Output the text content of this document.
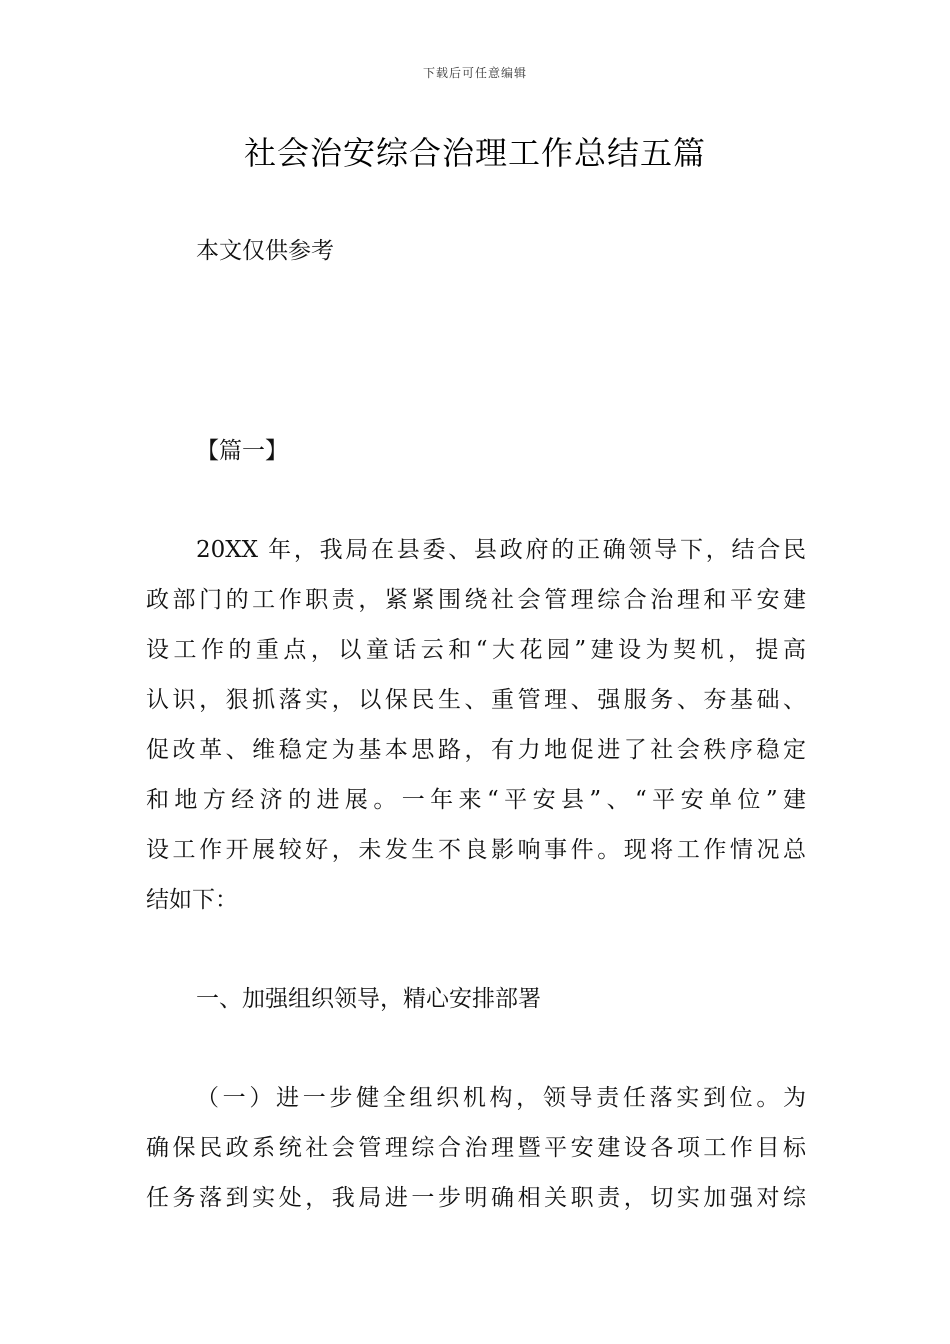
下载后可任意编辑
社会治安综合治理工作总结五篇
本文仅供参考
【篇一】
20XX 年，我局在县委、县政府的正确领导下，结合民
政部门的工作职责，紧紧围绕社会管理综合治理和平安建
设工作的重点，以童话云和“大花园”建设为契机，提高
认识，狠抓落实，以保民生、重管理、强服务、夯基础、
促改革、维稳定为基本思路，有力地促进了社会秩序稳定
和地方经济的进展。一年来“平安县”、“平安单位”建
设工作开展较好，未发生不良影响事件。现将工作情况总
结如下：
一、加强组织领导，精心安排部署
（一）进一步健全组织机构，领导责任落实到位。为
确保民政系统社会管理综合治理暨平安建设各项工作目标
任务落到实处，我局进一步明确相关职责，切实加强对综
